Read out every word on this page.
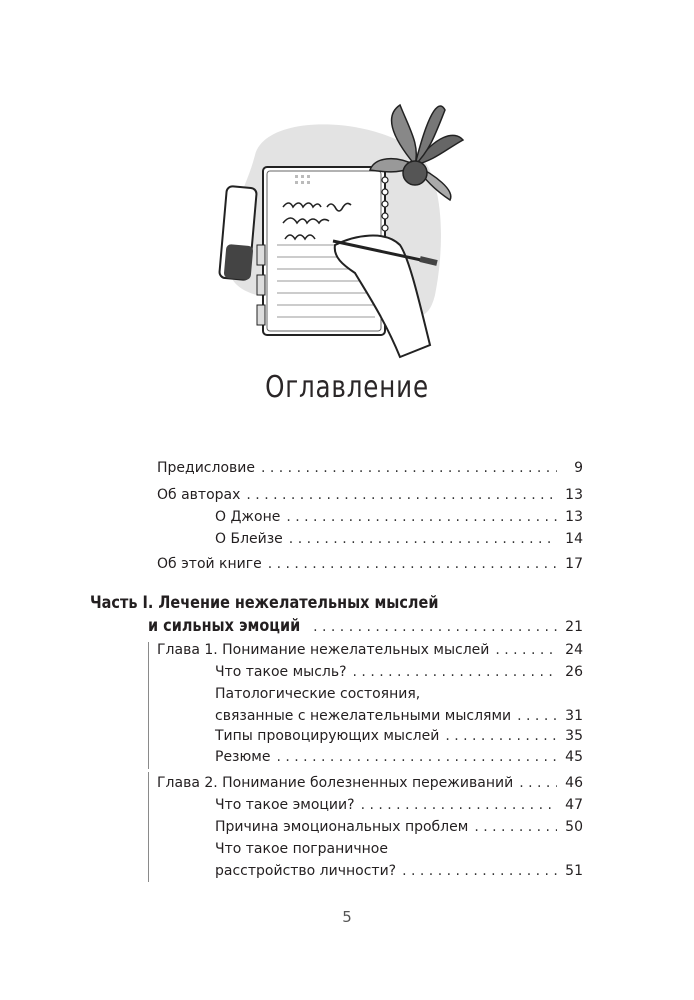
Оглавление
Предисловие . . .	9
Об авторах . . .	13
О Джоне . . .	13
О Блейзе . . .	14
Об этой книге . . .	17
Часть I. Лечение нежелательных мыслей
и сильных эмоций . . .	21
Глава 1. Понимание нежелательных мыслей . . .	24
Что такое мысль? . . .	26
Патологические состояния,
связанные с нежелательными мыслями . . .	31
Типы провоцирующих мыслей . . .	35
Резюме . . .	45
Глава 2. Понимание болезненных переживаний . . .	46
Что такое эмоции? . . .	47
Причина эмоциональных проблем . . .	50
Что такое пограничное
расстройство личности? . . .	51
5
